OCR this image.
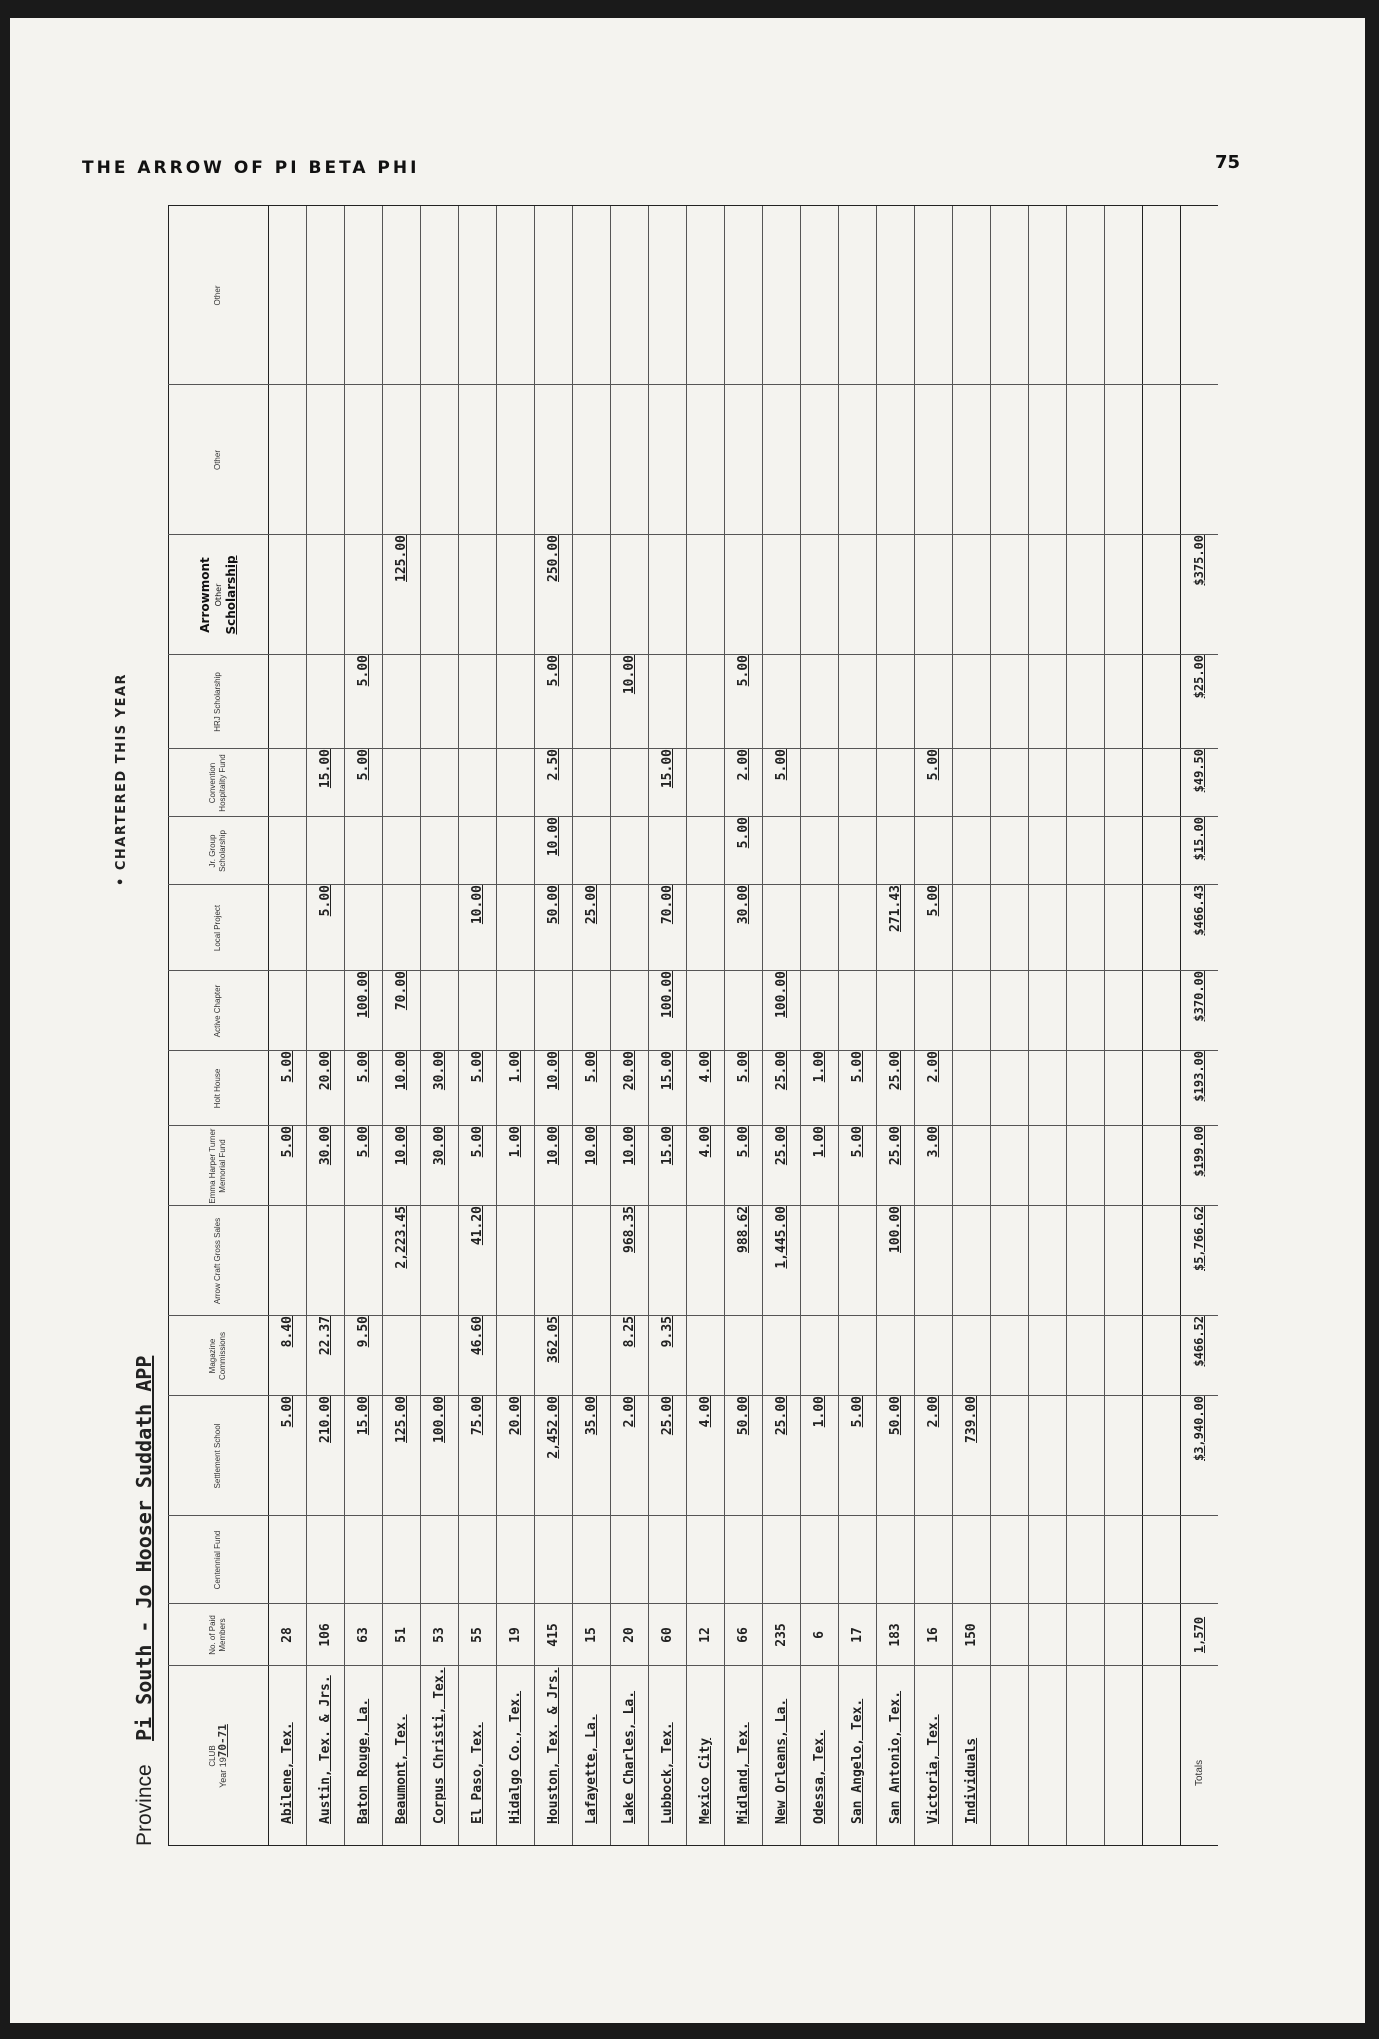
THE ARROW OF PI BETA PHI	75
• CHARTERED THIS YEAR
Province    Pi South - Jo Hooser Suddath APP
CLUB
Year 1970-71
No. of Paid Members
Centennial Fund
Settlement School
Magazine Commissions
Arrow Craft Gross Sales
Emma Harper Turner Memorial Fund
Holt House
Active Chapter
Local Project
Jr. Group Scholarship
Convention Hospitality Fund
HRJ Scholarship
Arrowmont Other Scholarship
Other
Other
Abilene, Tex.
28
5.00
8.40
5.00
5.00
Austin, Tex. & Jrs.
106
210.00
22.37
30.00
20.00
5.00
15.00
Baton Rouge, La.
63
15.00
9.50
5.00
5.00
100.00
5.00
5.00
Beaumont, Tex.
51
125.00
2,223.45
10.00
10.00
70.00
125.00
Corpus Christi, Tex.
53
100.00
30.00
30.00
El Paso, Tex.
55
75.00
46.60
41.20
5.00
5.00
10.00
Hidalgo Co., Tex.
19
20.00
1.00
1.00
Houston, Tex. & Jrs.
415
2,452.00
362.05
10.00
10.00
50.00
10.00
2.50
5.00
250.00
Lafayette, La.
15
35.00
10.00
5.00
25.00
Lake Charles, La.
20
2.00
8.25
968.35
10.00
20.00
10.00
Lubbock, Tex.
60
25.00
9.35
15.00
15.00
100.00
70.00
15.00
Mexico City
12
4.00
4.00
4.00
Midland, Tex.
66
50.00
988.62
5.00
5.00
30.00
5.00
2.00
5.00
New Orleans, La.
235
25.00
1,445.00
25.00
25.00
100.00
5.00
Odessa, Tex.
6
1.00
1.00
1.00
San Angelo, Tex.
17
5.00
5.00
5.00
San Antonio, Tex.
183
50.00
100.00
25.00
25.00
271.43
Victoria, Tex.
16
2.00
3.00
2.00
5.00
5.00
Individuals
150
739.00
Totals
1,570
$3,940.00
$466.52
$5,766.62
$199.00
$193.00
$370.00
$466.43
$15.00
$49.50
$25.00
$375.00
